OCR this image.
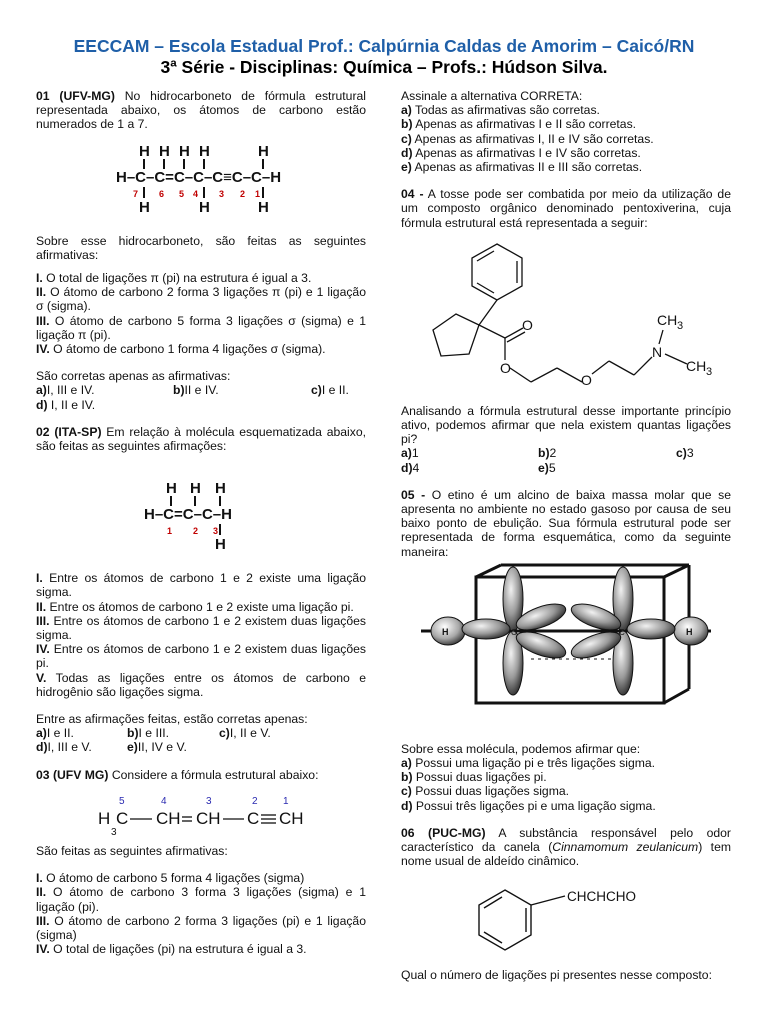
EECCAM – Escola Estadual Prof.: Calpúrnia Caldas de Amorim – Caicó/RN
3ª Série - Disciplinas: Química – Profs.: Húdson Silva.

01 (UFV-MG) No hidrocarboneto de fórmula estrutural representada abaixo, os átomos de carbono estão numerados de 1 a 7.

H H H H	H
H–C–C=C–C–C≡C–C–H
H	H	H
7 6 5 4 3 2 1

Sobre esse hidrocarboneto, são feitas as seguintes afirmativas:

I. O total de ligações π (pi) na estrutura é igual a 3.

II. O átomo de carbono 2 forma 3 ligações π (pi) e 1 ligação σ (sigma).

III. O átomo de carbono 5 forma 3 ligações σ (sigma) e 1 ligação π (pi).

IV. O átomo de carbono 1 forma 4 ligações σ (sigma).

São corretas apenas as afirmativas:

a)I, III e IV.	b)II e IV.	c)I e II.

d) I, II e IV.

02 (ITA-SP) Em relação à molécula esquematizada abaixo, são feitas as seguintes afirmações:

H H H
H–C=C–C–H
H
1 2 3

I. Entre os átomos de carbono 1 e 2 existe uma ligação sigma.

II. Entre os átomos de carbono 1 e 2 existe uma ligação pi.

III. Entre os átomos de carbono 1 e 2 existem duas ligações sigma.

IV. Entre os átomos de carbono 1 e 2 existem duas ligações pi.

V. Todas as ligações entre os átomos de carbono e hidrogênio são ligações sigma.

Entre as afirmações feitas, estão corretas apenas:

a)I e II.	b)I e III.	c)I, II e V.
d)I, III e V.	e)II, IV e V.

03 (UFV MG) Considere a fórmula estrutural abaixo:

5	4	3	2	1
H C CH CH C CH
3

São feitas as seguintes afirmativas:

I. O átomo de carbono 5 forma 4 ligações (sigma)

II. O átomo de carbono 3 forma 3 ligações (sigma) e 1 ligação (pi).

III. O átomo de carbono 2 forma 3 ligações (pi) e 1 ligação (sigma)

IV. O total de ligações (pi) na estrutura é igual a 3.

Assinale a alternativa CORRETA:

a) Todas as afirmativas são corretas.

b) Apenas as afirmativas I e II são corretas.

c) Apenas as afirmativas I, II e IV são corretas.

d) Apenas as afirmativas I e IV são corretas.

e) Apenas as afirmativas II e III são corretas.

04 - A tosse pode ser combatida por meio da utilização de um composto orgânico denominado pentoxiverina, cuja fórmula estrutural está representada a seguir:

O
O
O
N
CH 3
CH 3

Analisando a fórmula estrutural desse importante princípio ativo, podemos afirmar que nela existem quantas ligações pi?

a)1	b)2	c)3
d)4	e)5

05 - O etino é um alcino de baixa massa molar que se apresenta no ambiente no estado gasoso por causa de seu baixo ponto de ebulição. Sua fórmula estrutural pode ser representada de forma esquemática, como da seguinte maneira:

H	H
C	C

Sobre essa molécula, podemos afirmar que:

a) Possui uma ligação pi e três ligações sigma.

b) Possui duas ligações pi.

c) Possui duas ligações sigma.

d) Possui três ligações pi e uma ligação sigma.

06 (PUC-MG) A substância responsável pelo odor característico da canela (Cinnamomum zeulanicum) tem nome usual de aldeído cinâmico.

CHCHCHO

Qual o número de ligações pi presentes nesse composto:
